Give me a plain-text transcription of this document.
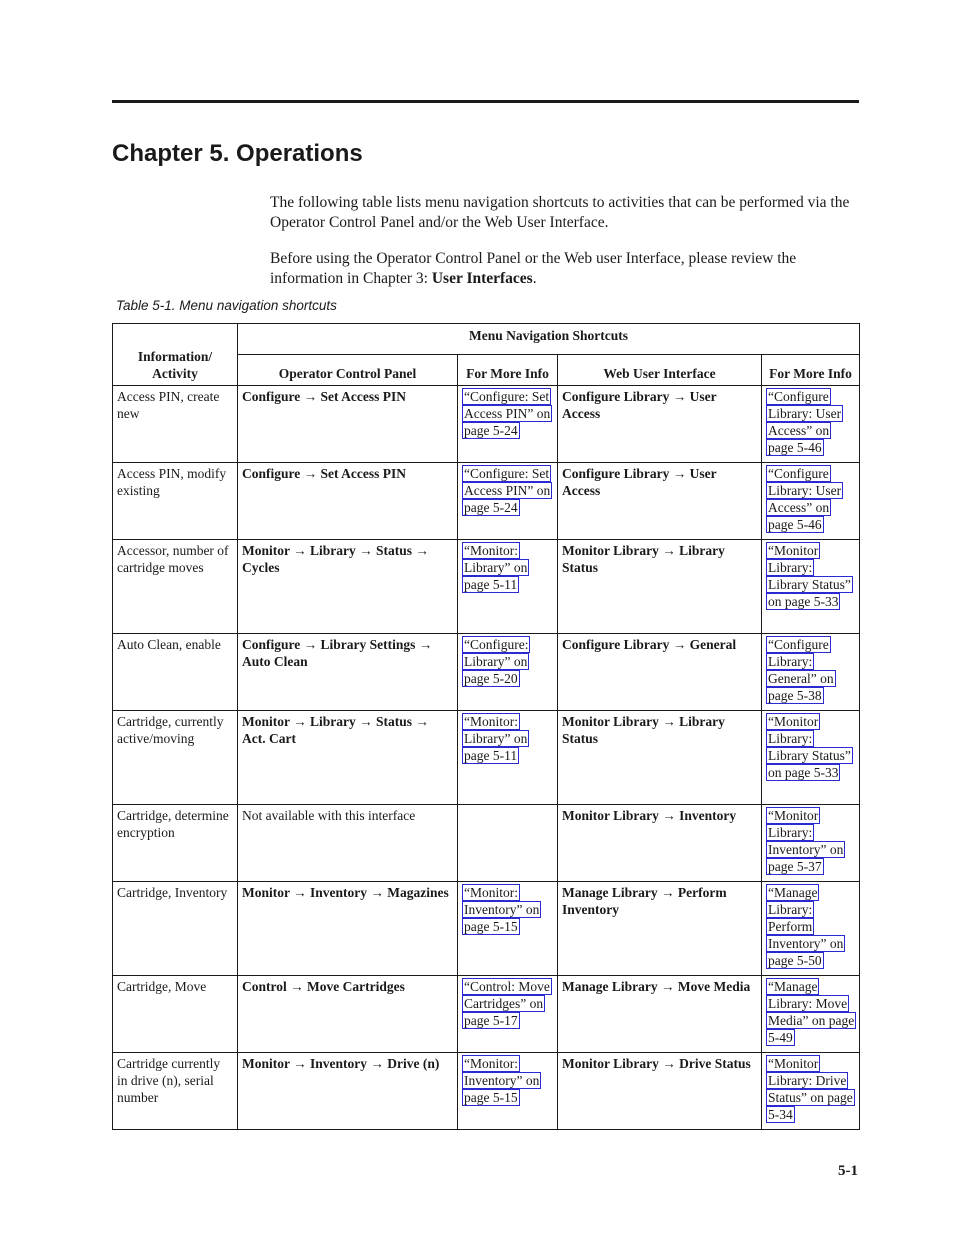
Chapter 5. Operations

The following table lists menu navigation shortcuts to activities that can be performed via the Operator Control Panel and/or the Web User Interface.

Before using the Operator Control Panel or the Web user Interface, please review the information in Chapter 3: User Interfaces.

Table 5-1. Menu navigation shortcuts
Information/ Activity	Menu Navigation Shortcuts			
	Operator Control Panel	For More Info	Web User Interface	For More Info
Access PIN, create new	Configure → Set Access PIN	“Configure: Set Access PIN” on page 5-24	Configure Library → User Access	“Configure Library: User Access” on page 5-46
Access PIN, modify existing	Configure → Set Access PIN	“Configure: Set Access PIN” on page 5-24	Configure Library → User Access	“Configure Library: User Access” on page 5-46
Accessor, number of cartridge moves	Monitor → Library → Status → Cycles	“Monitor: Library” on page 5-11	Monitor Library → Library Status	“Monitor Library: Library Status” on page 5-33
Auto Clean, enable	Configure → Library Settings → Auto Clean	“Configure: Library” on page 5-20	Configure Library → General	“Configure Library: General” on page 5-38
Cartridge, currently active/moving	Monitor → Library → Status → Act. Cart	“Monitor: Library” on page 5-11	Monitor Library → Library Status	“Monitor Library: Library Status” on page 5-33
Cartridge, determine encryption	Not available with this interface		Monitor Library → Inventory	“Monitor Library: Inventory” on page 5-37
Cartridge, Inventory	Monitor → Inventory → Magazines	“Monitor: Inventory” on page 5-15	Manage Library → Perform Inventory	“Manage Library: Perform Inventory” on page 5-50
Cartridge, Move	Control → Move Cartridges	“Control: Move Cartridges” on page 5-17	Manage Library → Move Media	“Manage Library: Move Media” on page 5-49
Cartridge currently in drive (n), serial number	Monitor → Inventory → Drive (n)	“Monitor: Inventory” on page 5-15	Monitor Library → Drive Status	“Monitor Library: Drive Status” on page 5-34
5-1
